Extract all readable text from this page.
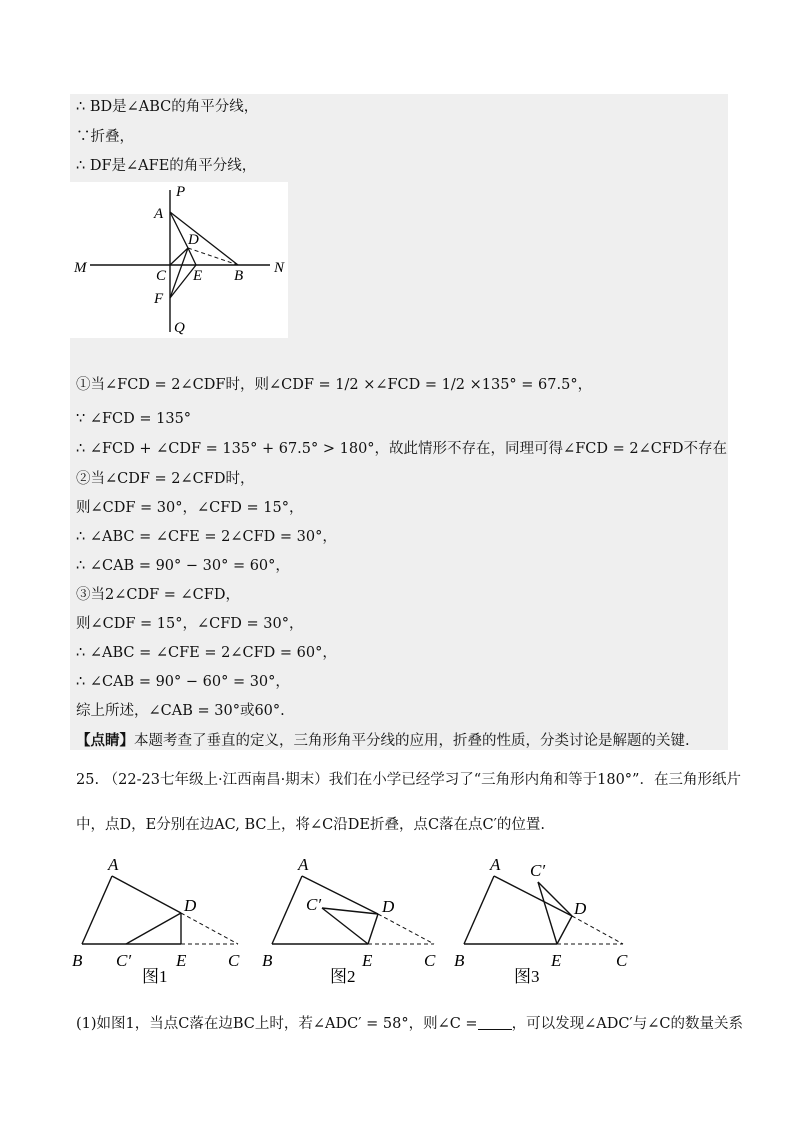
∴ BD是∠ABC的角平分线，
∵折叠，
∴ DF是∠AFE的角平分线，
P
A
D
M	N
C E B
F
Q
①当∠FCD = 2∠CDF时，则∠CDF = 1/2 ×∠FCD = 1/2 ×135° = 67.5°，
∵ ∠FCD = 135°
∴ ∠FCD + ∠CDF = 135° + 67.5° > 180°，故此情形不存在，同理可得∠FCD = 2∠CFD不存在
②当∠CDF = 2∠CFD时，
则∠CDF = 30°，∠CFD = 15°，
∴ ∠ABC = ∠CFE = 2∠CFD = 30°，
∴ ∠CAB = 90° − 30° = 60°，
③当2∠CDF = ∠CFD，
则∠CDF = 15°，∠CFD = 30°，
∴ ∠ABC = ∠CFE = 2∠CFD = 60°，
∴ ∠CAB = 90° − 60° = 30°，
综上所述，∠CAB = 30°或60°.
【点睛】本题考查了垂直的定义，三角形角平分线的应用，折叠的性质，分类讨论是解题的关键.
25. （22-23七年级上·江西南昌·期末）我们在小学已经学习了“三角形内角和等于180°”．在三角形纸片
中，点D，E分别在边AC, BC上，将∠C沿DE折叠，点C落在点C′的位置.
A
D
B C′	E C
图1
A
C′	D
B	E	C
图2
A C′
D
B	E	C
图3
(1)如图1，当点C落在边BC上时，若∠ADC′ = 58°，则∠C = ，可以发现∠ADC′与∠C的数量关系
